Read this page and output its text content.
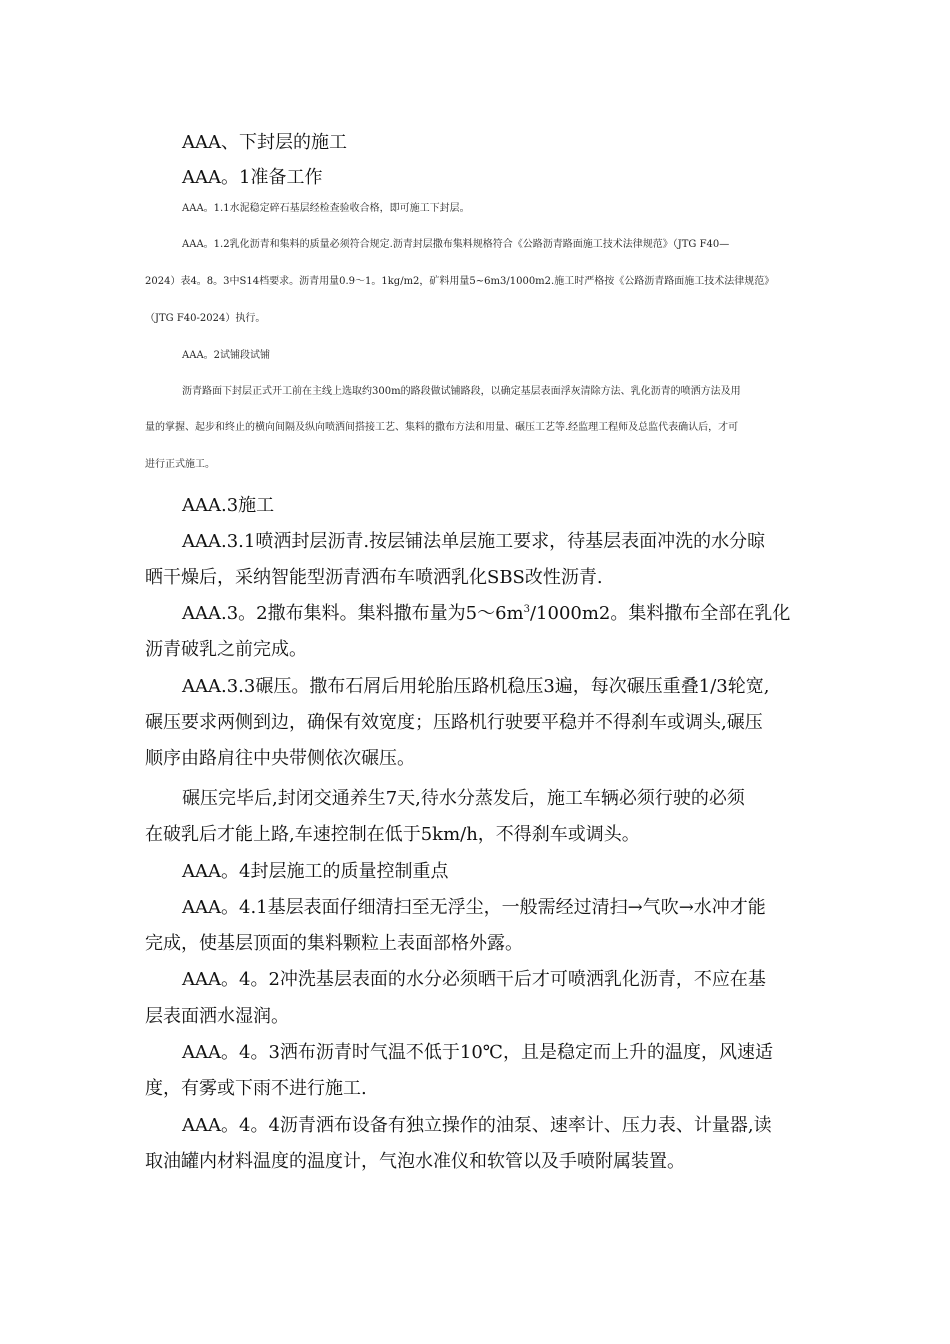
AAA、下封层的施工

AAA。1准备工作

AAA。1.1水泥稳定碎石基层经检查验收合格，即可施工下封层。

AAA。1.2乳化沥青和集料的质量必须符合规定.沥青封层撒布集料规格符合《公路沥青路面施工技术法律规范》（JTG F40—

2024）表4。8。3中S14档要求。沥青用量0.9～1。1kg/m2，矿料用量5~6m3/1000m2.施工时严格按《公路沥青路面施工技术法律规范》

（JTG F40-2024）执行。

AAA。2试铺段试铺

沥青路面下封层正式开工前在主线上选取约300m的路段做试铺路段，以确定基层表面浮灰清除方法、乳化沥青的喷洒方法及用

量的掌握、起步和终止的横向间隔及纵向喷洒间搭接工艺、集料的撒布方法和用量、碾压工艺等.经监理工程师及总监代表确认后，才可

进行正式施工。

AAA.3施工

AAA.3.1喷洒封层沥青.按层铺法单层施工要求，待基层表面冲洗的水分晾

晒干燥后，采纳智能型沥青洒布车喷洒乳化SBS改性沥青.

AAA.3。2撒布集料。集料撒布量为$5\sim 6m^3/1000m2$。集料撒布全部在乳化

沥青破乳之前完成。

AAA.3.3碾压。撒布石屑后用轮胎压路机稳压3遍，每次碾压重叠1/3轮宽,

碾压要求两侧到边，确保有效宽度；压路机行驶要平稳并不得刹车或调头,碾压

顺序由路肩往中央带侧依次碾压。

碾压完毕后,封闭交通养生7天,待水分蒸发后，施工车辆必须行驶的必须

在破乳后才能上路,车速控制在低于5km/h，不得刹车或调头。

AAA。4封层施工的质量控制重点

AAA。4.1基层表面仔细清扫至无浮尘，一般需经过清扫→气吹→水冲才能

完成，使基层顶面的集料颗粒上表面部格外露。

AAA。4。2冲洗基层表面的水分必须晒干后才可喷洒乳化沥青，不应在基

层表面洒水湿润。

AAA。4。3洒布沥青时气温不低于10℃，且是稳定而上升的温度，风速适

度，有雾或下雨不进行施工.

AAA。4。4沥青洒布设备有独立操作的油泵、速率计、压力表、计量器,读

取油罐内材料温度的温度计，气泡水准仪和软管以及手喷附属装置。
